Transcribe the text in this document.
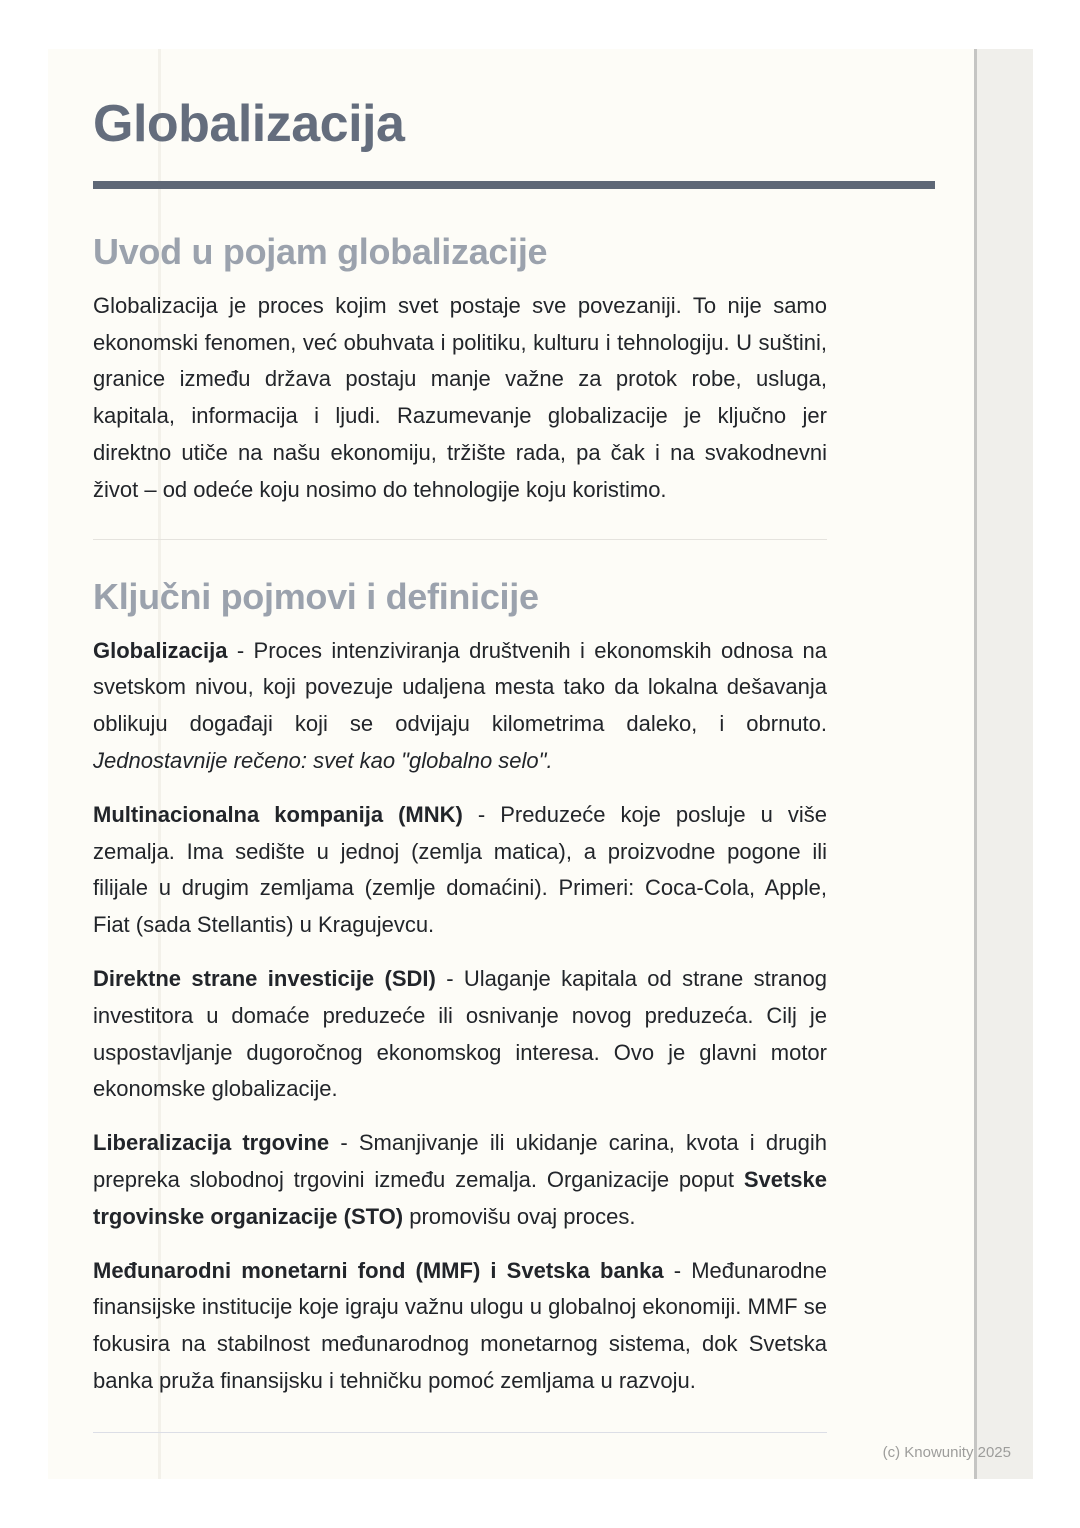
Globalizacija
Uvod u pojam globalizacije

Globalizacija je proces kojim svet postaje sve povezaniji. To nije samo ekonomski fenomen, već obuhvata i politiku, kulturu i tehnologiju. U suštini, granice između država postaju manje važne za protok robe, usluga, kapitala, informacija i ljudi. Razumevanje globalizacije je ključno jer direktno utiče na našu ekonomiju, tržište rada, pa čak i na svakodnevni život – od odeće koju nosimo do tehnologije koju koristimo.

Ključni pojmovi i definicije

Globalizacija - Proces intenziviranja društvenih i ekonomskih odnosa na svetskom nivou, koji povezuje udaljena mesta tako da lokalna dešavanja oblikuju događaji koji se odvijaju kilometrima daleko, i obrnuto. Jednostavnije rečeno: svet kao "globalno selo".

Multinacionalna kompanija (MNK) - Preduzeće koje posluje u više zemalja. Ima sedište u jednoj (zemlja matica), a proizvodne pogone ili filijale u drugim zemljama (zemlje domaćini). Primeri: Coca-Cola, Apple, Fiat (sada Stellantis) u Kragujevcu.

Direktne strane investicije (SDI) - Ulaganje kapitala od strane stranog investitora u domaće preduzeće ili osnivanje novog preduzeća. Cilj je uspostavljanje dugoročnog ekonomskog interesa. Ovo je glavni motor ekonomske globalizacije.

Liberalizacija trgovine - Smanjivanje ili ukidanje carina, kvota i drugih prepreka slobodnoj trgovini između zemalja. Organizacije poput Svetske trgovinske organizacije (STO) promovišu ovaj proces.

Međunarodni monetarni fond (MMF) i Svetska banka - Međunarodne finansijske institucije koje igraju važnu ulogu u globalnoj ekonomiji. MMF se fokusira na stabilnost međunarodnog monetarnog sistema, dok Svetska banka pruža finansijsku i tehničku pomoć zemljama u razvoju.

(c) Knowunity 2025
